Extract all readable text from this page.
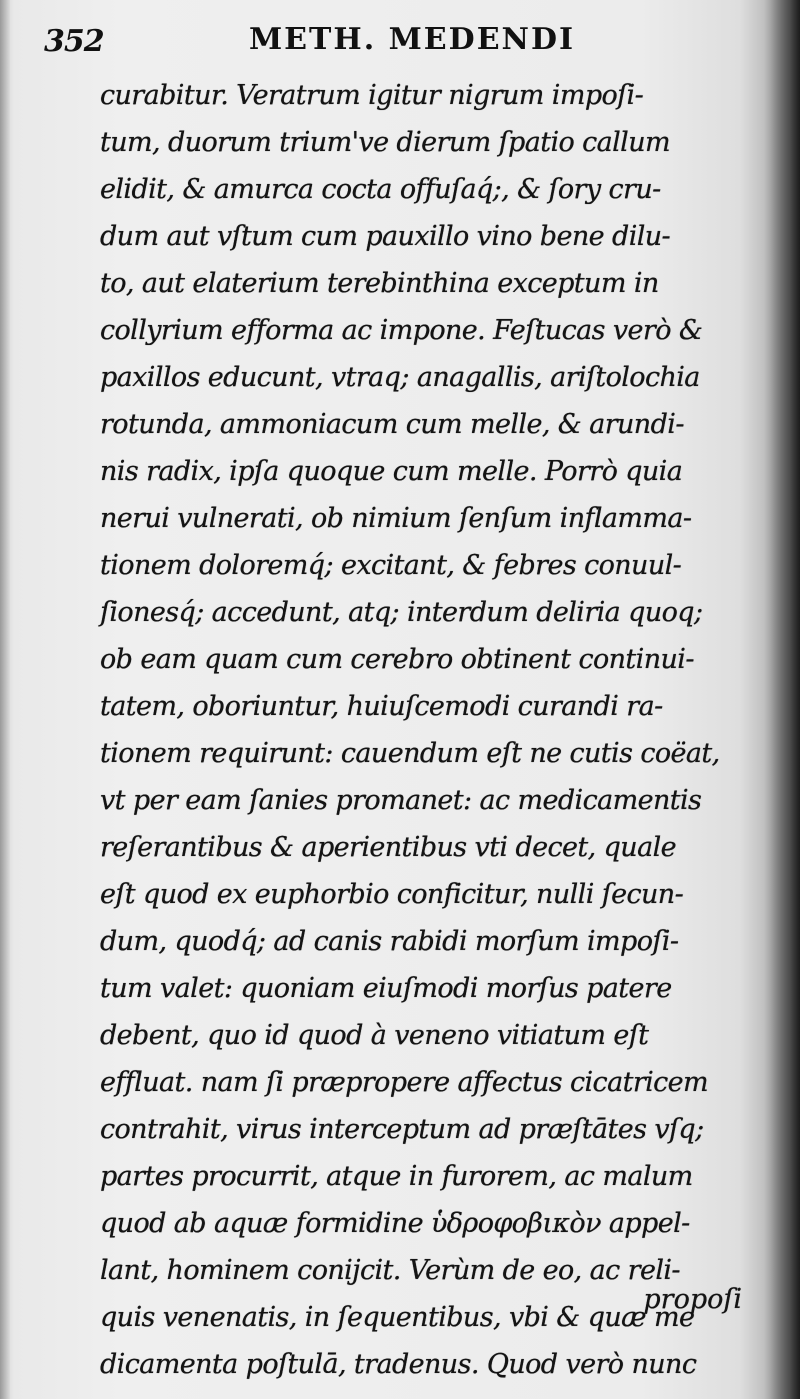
352	METH. MEDENDI
curabitur. Veratrum igitur nigrum impoſi-
tum, duorum trium've dierum ſpatio callum
elidit, & amurca cocta offuſaq́;, & ſory cru-
dum aut vſtum cum pauxillo vino bene dilu-
to, aut elaterium terebinthina exceptum in
collyrium efforma ac impone. Feſtucas verò &
paxillos educunt, vtraq; anagallis, ariſtolochia
rotunda, ammoniacum cum melle, & arundi-
nis radix, ipſa quoque cum melle. Porrò quia
nerui vulnerati, ob nimium ſenſum inflamma-
tionem doloremq́; excitant, & febres conuul-
ſionesq́; accedunt, atq; interdum deliria quoq;
ob eam quam cum cerebro obtinent continui-
tatem, oboriuntur, huiuſcemodi curandi ra-
tionem requirunt: cauendum eſt ne cutis coëat,
vt per eam ſanies promanet: ac medicamentis
reſerantibus & aperientibus vti decet, quale
eſt quod ex euphorbio conficitur, nulli ſecun-
dum, quodq́; ad canis rabidi morſum impoſi-
tum valet: quoniam eiuſmodi morſus patere
debent, quo id quod à veneno vitiatum eſt
effluat. nam ſi præpropere affectus cicatricem
contrahit, virus interceptum ad præſtātes vſq;
partes procurrit, atque in furorem, ac malum
quod ab aquæ formidine ὑδροφοβικὸν appel-
lant, hominem conijcit. Verùm de eo, ac reli-
quis venenatis, in ſequentibus, vbi & quæ me
dicamenta poſtulā, tradenus. Quod verò nunc
propoſi
